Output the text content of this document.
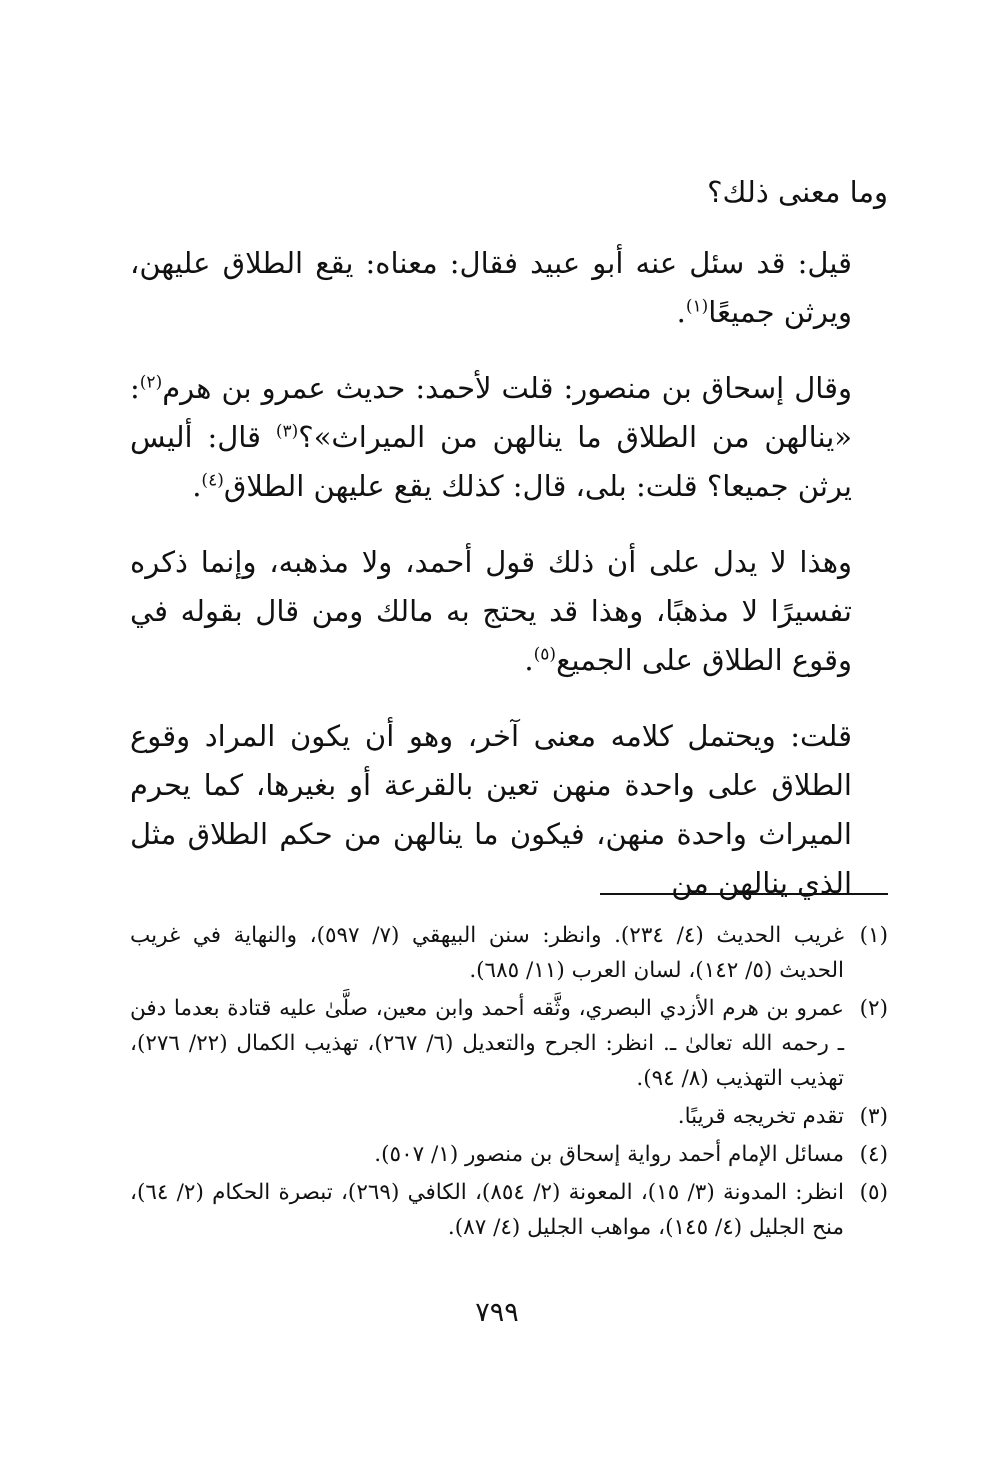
وما معنى ذلك؟

قيل: قد سئل عنه أبو عبيد فقال: معناه: يقع الطلاق عليهن، ويرثن جميعًا$^{(١)}$.

وقال إسحاق بن منصور: قلت لأحمد: حديث عمرو بن هرم$^{(٢)}$: «ينالهن من الطلاق ما ينالهن من الميراث»؟$^{(٣)}$ قال: أليس يرثن جميعا؟ قلت: بلى، قال: كذلك يقع عليهن الطلاق$^{(٤)}$.

وهذا لا يدل على أن ذلك قول أحمد، ولا مذهبه، وإنما ذكره تفسيرًا لا مذهبًا، وهذا قد يحتج به مالك ومن قال بقوله في وقوع الطلاق على الجميع$^{(٥)}$.

قلت: ويحتمل كلامه معنى آخر، وهو أن يكون المراد وقوع الطلاق على واحدة منهن تعين بالقرعة أو بغيرها، كما يحرم الميراث واحدة منهن، فيكون ما ينالهن من حكم الطلاق مثل الذي ينالهن من

(١)
غريب الحديث (٤/ ٢٣٤). وانظر: سنن البيهقي (٧/ ٥٩٧)، والنهاية في غريب الحديث (٥/ ١٤٢)، لسان العرب (١١/ ٦٨٥).
(٢)
عمرو بن هرم الأزدي البصري، وثَّقه أحمد وابن معين، صلَّىٰ عليه قتادة بعدما دفن ـ رحمه الله تعالىٰ ـ. انظر: الجرح والتعديل (٦/ ٢٦٧)، تهذيب الكمال (٢٢/ ٢٧٦)، تهذيب التهذيب (٨/ ٩٤).
(٣)
تقدم تخريجه قريبًا.
(٤)
مسائل الإمام أحمد رواية إسحاق بن منصور (١/ ٥٠٧).
(٥)
انظر: المدونة (٣/ ١٥)، المعونة (٢/ ٨٥٤)، الكافي (٢٦٩)، تبصرة الحكام (٢/ ٦٤)، منح الجليل (٤/ ١٤٥)، مواهب الجليل (٤/ ٨٧).
٧٩٩
